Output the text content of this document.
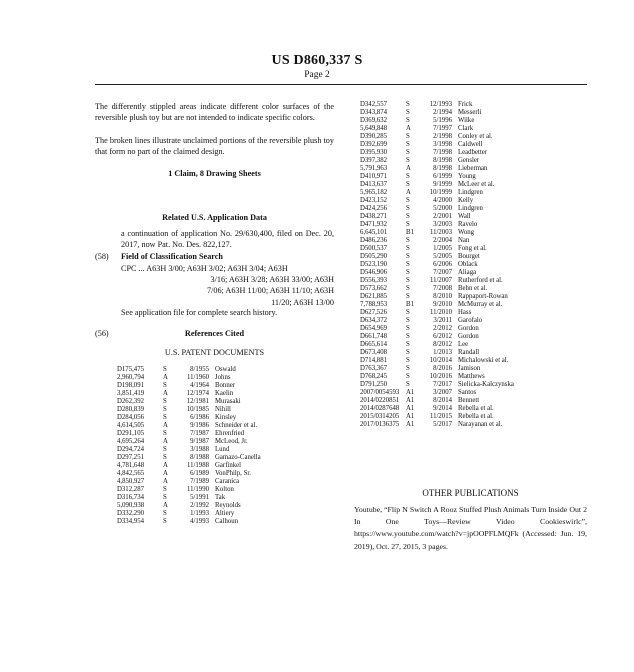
US D860,337 S
Page 2
The differently stippled areas indicate different color surfaces of the reversible plush toy but are not intended to indicate specific colors.
The broken lines illustrate unclaimed portions of the reversible plush toy that form no part of the claimed design.
1 Claim, 8 Drawing Sheets
Related U.S. Application Data
a continuation of application No. 29/630,400, filed on Dec. 20, 2017, now Pat. No. Des. 822,127.
(58) Field of Classification Search
CPC ... A63H 3/00; A63H 3/02; A63H 3/04; A63H
3/16; A63H 3/28; A63H 33/00; A63H
7/06; A63H 11/00; A63H 11/10; A63H
11/20; A63H 13/00
See application file for complete search history.
(56)	References Cited
U.S. PATENT DOCUMENTS
D175,475	S	8/1955 Oswald
2,960,794	A	11/1960 Johns
D198,091	S	4/1964 Bonner
3,851,419	A	12/1974 Kaelin
D262,392	S	12/1981 Murasaki
D280,839	S	10/1985 Nihill
D284,056	S	6/1986 Kinsley
4,614,505	A	9/1986 Schneider et al.
D291,105	S	7/1987 Ehrenfried
4,695,264	A	9/1987 McLeod, Jr.
D294,724	S	3/1988 Lund
D297,251	S	8/1988 Gamazo-Canella
4,781,648	A	11/1988 Garfinkel
4,842,565	A	6/1989 VonPhilp, Sr.
4,850,927	A	7/1989 Caranica
D312,287	S	11/1990 Kolton
D316,734	S	5/1991 Tak
5,090,938	A	2/1992 Reynolds
D332,290	S	1/1993 Altiery
D334,954	S	4/1993 Calhoun
D342,557	S	12/1993 Frick
D343,874	S	2/1994 Messerli
D369,632	S	5/1996 Wilke
5,649,848	A	7/1997 Clark
D390,285	S	2/1998 Conley et al.
D392,699	S	3/1998 Caldwell
D395,930	S	7/1998 Leadbetter
D397,382	S	8/1998 Gensler
5,791,963	A	8/1998 Lieberman
D410,971	S	6/1999 Young
D413,637	S	9/1999 McLeer et al.
5,965,182	A	10/1999 Lindgren
D423,152	S	4/2000 Kelly
D424,256	S	5/2000 Lindgren
D438,271	S	2/2001 Wall
D471,932	S	3/2003 Ravelo
6,645,101	B1	11/2003 Wong
D486,236	S	2/2004 Nan
D500,537	S	1/2005 Fong et al.
D505,290	S	5/2005 Bourget
D523,190	S	6/2006 Oblack
D546,906	S	7/2007 Aliaga
D556,393	S	11/2007 Rutherford et al.
D573,662	S	7/2008 Behn et al.
D621,885	S	8/2010 Rappaport-Rowan
7,788,953	B1	9/2010 McMurray et al.
D627,526	S	11/2010 Hass
D634,372	S	3/2011 Garofalo
D654,969	S	2/2012 Gordon
D661,748	S	6/2012 Gordon
D665,614	S	8/2012 Lee
D673,408	S	1/2013 Randall
D714,881	S	10/2014 Michalowski et al.
D763,367	S	8/2016 Jamison
D768,245	S	10/2016 Matthews
D791,250	S	7/2017 Sielicka-Kalczynska
2007/0054593 A1	3/2007 Santos
2014/0220851 A1	8/2014 Bennett
2014/0287648 A1	9/2014 Rebella et al.
2015/0314205 A1	11/2015 Rebella et al.
2017/0136375 A1	5/2017 Narayanan et al.
OTHER PUBLICATIONS
Youtube, “Flip N Switch A Rooz Stuffed Plush Animals Turn Inside Out 2 In One Toys—Review Video Cookieswirlc”, https://www.youtube.com/watch?v=jpOOPFLMQFk (Accessed: Jun. 19, 2019), Oct. 27, 2015, 3 pages.
